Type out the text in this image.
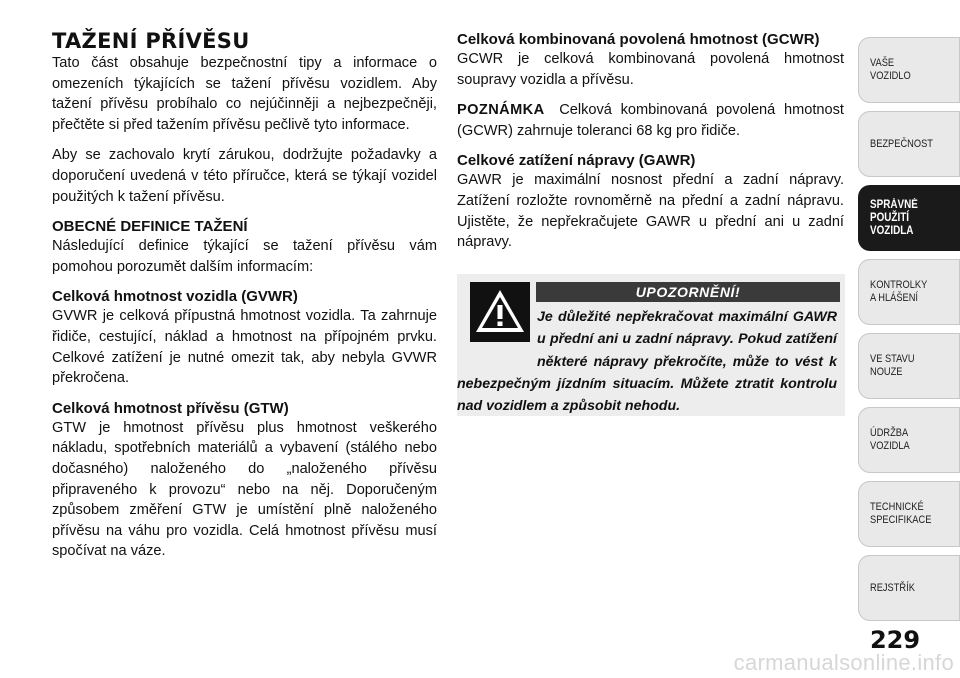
TAŽENÍ PŘÍVĚSU

Tato část obsahuje bezpečnostní tipy a informace o omezeních týkajících se tažení přívěsu vozidlem. Aby tažení přívěsu probíhalo co nejúčinněji a nejbezpečněji, přečtěte si před tažením přívěsu pečlivě tyto informace.

Aby se zachovalo krytí zárukou, dodržujte požadavky a doporučení uvedená v této příručce, která se týkají vozidel použitých k tažení přívěsu.

OBECNÉ DEFINICE TAŽENÍ

Následující definice týkající se tažení přívěsu vám pomohou porozumět dalším informacím:

Celková hmotnost vozidla (GVWR)

GVWR je celková přípustná hmotnost vozidla. Ta zahrnuje řidiče, cestující, náklad a hmotnost na přípojném prvku. Celkové zatížení je nutné omezit tak, aby nebyla GVWR překročena.

Celková hmotnost přívěsu (GTW)

GTW je hmotnost přívěsu plus hmotnost veškerého nákladu, spotřebních materiálů a vybavení (stálého nebo dočasného) naloženého do „naloženého přívěsu připraveného k provozu“ nebo na něj. Doporučeným způsobem změření GTW je umístění plně naloženého přívěsu na váhu pro vozidla. Celá hmotnost přívěsu musí spočívat na váze.

Celková kombinovaná povolená hmotnost (GCWR)

GCWR je celková kombinovaná povolená hmotnost soupravy vozidla a přívěsu.

POZNÁMKA Celková kombinovaná povolená hmotnost (GCWR) zahrnuje toleranci 68 kg pro řidiče.

Celkové zatížení nápravy (GAWR)

GAWR je maximální nosnost přední a zadní nápravy. Zatížení rozložte rovnoměrně na přední a zadní nápravu. Ujistěte, že nepřekračujete GAWR u přední ani u zadní nápravy.

UPOZORNĚNÍ!
Je důležité nepřekračovat maximální GAWR u přední ani u zadní nápravy. Pokud zatížení některé nápravy překročíte, může to vést k nebezpečným jízdním situacím. Můžete ztratit kontrolu nad vozidlem a způsobit nehodu.
VAŠE
VOZIDLO
BEZPEČNOST
SPRÁVNÉ
POUŽITÍ
VOZIDLA
KONTROLKY
A HLÁŠENÍ
VE STAVU
NOUZE
ÚDRŽBA
VOZIDLA
TECHNICKÉ
SPECIFIKACE
REJSTŘÍK
229
carmanualsonline.info
